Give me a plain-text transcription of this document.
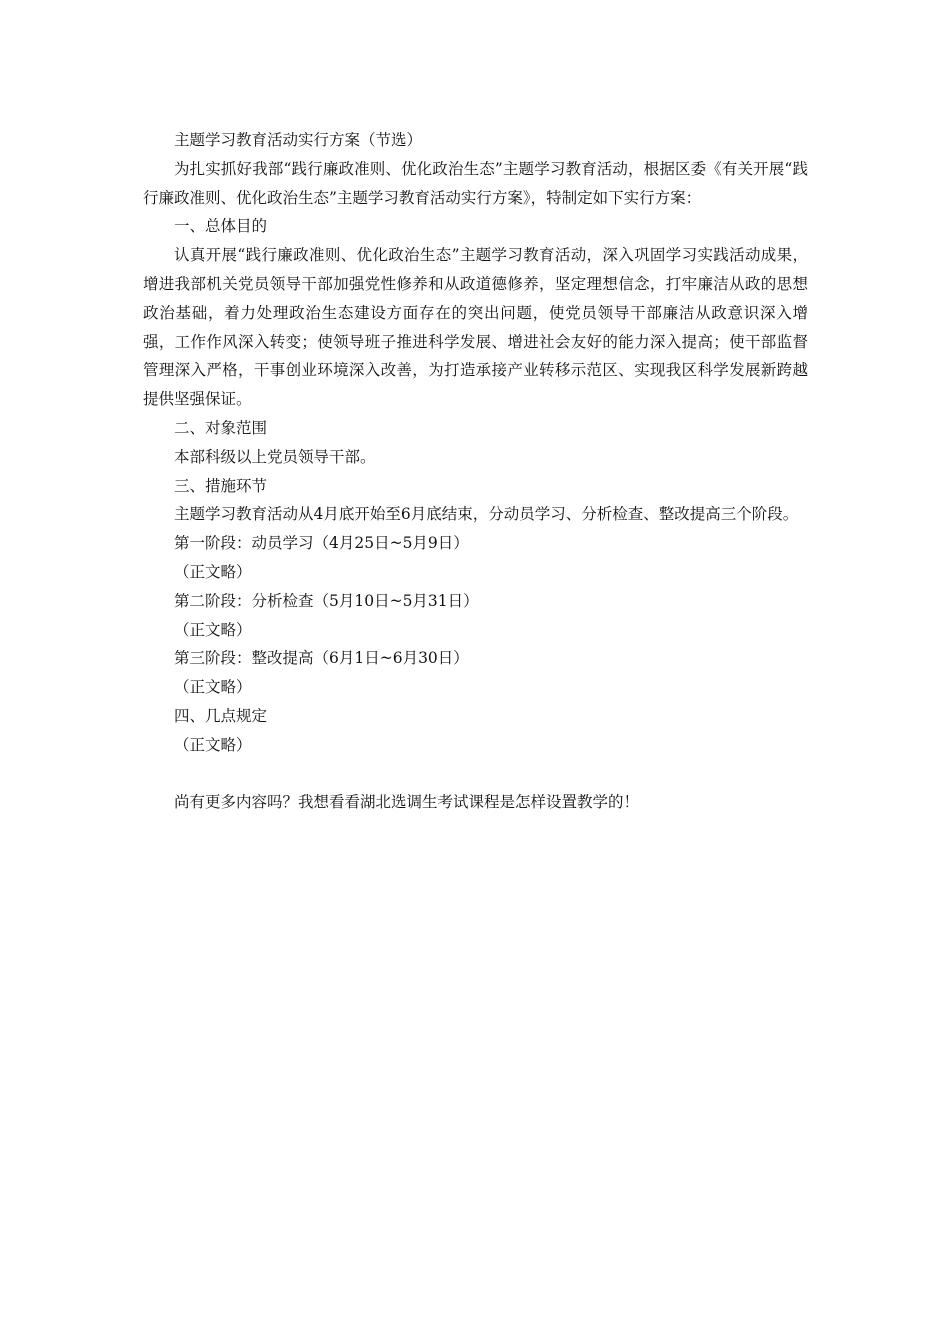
主题学习教育活动实行方案（节选）

为扎实抓好我部“践行廉政准则、优化政治生态”主题学习教育活动，根据区委《有关开展“践行廉政准则、优化政治生态”主题学习教育活动实行方案》，特制定如下实行方案：

一、总体目的

认真开展“践行廉政准则、优化政治生态”主题学习教育活动，深入巩固学习实践活动成果，增进我部机关党员领导干部加强党性修养和从政道德修养，坚定理想信念，打牢廉洁从政的思想政治基础，着力处理政治生态建设方面存在的突出问题，使党员领导干部廉洁从政意识深入增强，工作作风深入转变；使领导班子推进科学发展、增进社会友好的能力深入提高；使干部监督管理深入严格，干事创业环境深入改善，为打造承接产业转移示范区、实现我区科学发展新跨越提供坚强保证。

二、对象范围

本部科级以上党员领导干部。

三、措施环节

主题学习教育活动从4月底开始至6月底结束，分动员学习、分析检查、整改提高三个阶段。

第一阶段：动员学习（4月25日~5月9日）

（正文略）

第二阶段：分析检查（5月10日~5月31日）

（正文略）

第三阶段：整改提高（6月1日~6月30日）

（正文略）

四、几点规定

（正文略）

尚有更多内容吗？我想看看湖北选调生考试课程是怎样设置教学的！
